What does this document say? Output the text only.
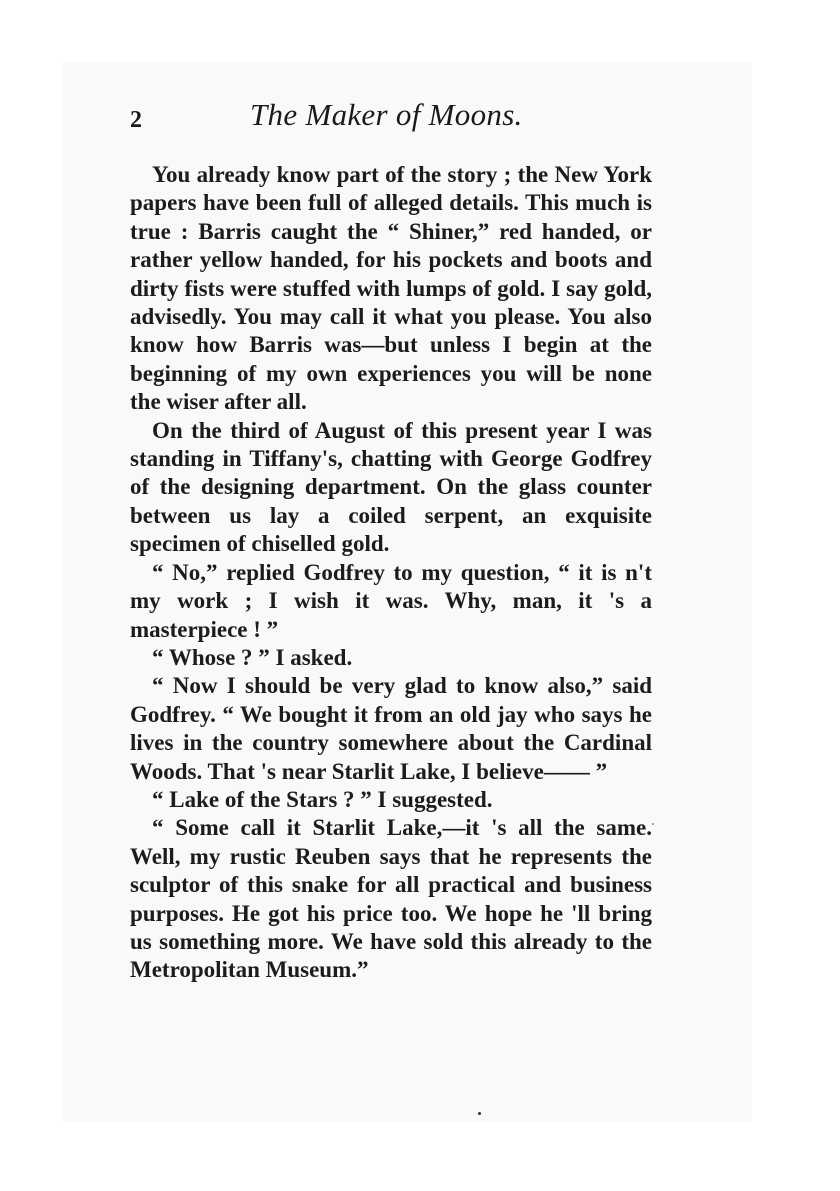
2	The Maker of Moons.

You already know part of the story ; the New York papers have been full of alleged details. This much is true : Barris caught the “ Shiner,” red handed, or rather yellow handed, for his pockets and boots and dirty fists were stuffed with lumps of gold. I say gold, advisedly. You may call it what you please. You also know how Barris was—but unless I begin at the beginning of my own experiences you will be none the wiser after all.

On the third of August of this present year I was standing in Tiffany's, chatting with George Godfrey of the designing department. On the glass counter between us lay a coiled serpent, an exquisite specimen of chiselled gold.

“ No,” replied Godfrey to my question, “ it is n't my work ; I wish it was. Why, man, it 's a masterpiece ! ”

“ Whose ? ” I asked.

“ Now I should be very glad to know also,” said Godfrey. “ We bought it from an old jay who says he lives in the country somewhere about the Cardinal Woods. That 's near Starlit Lake, I believe—— ”

“ Lake of the Stars ? ” I suggested.

“ Some call it Starlit Lake,—it 's all the same. Well, my rustic Reuben says that he represents the sculptor of this snake for all practical and business purposes. He got his price too. We hope he 'll bring us something more. We have sold this already to the Metropolitan Museum.”
